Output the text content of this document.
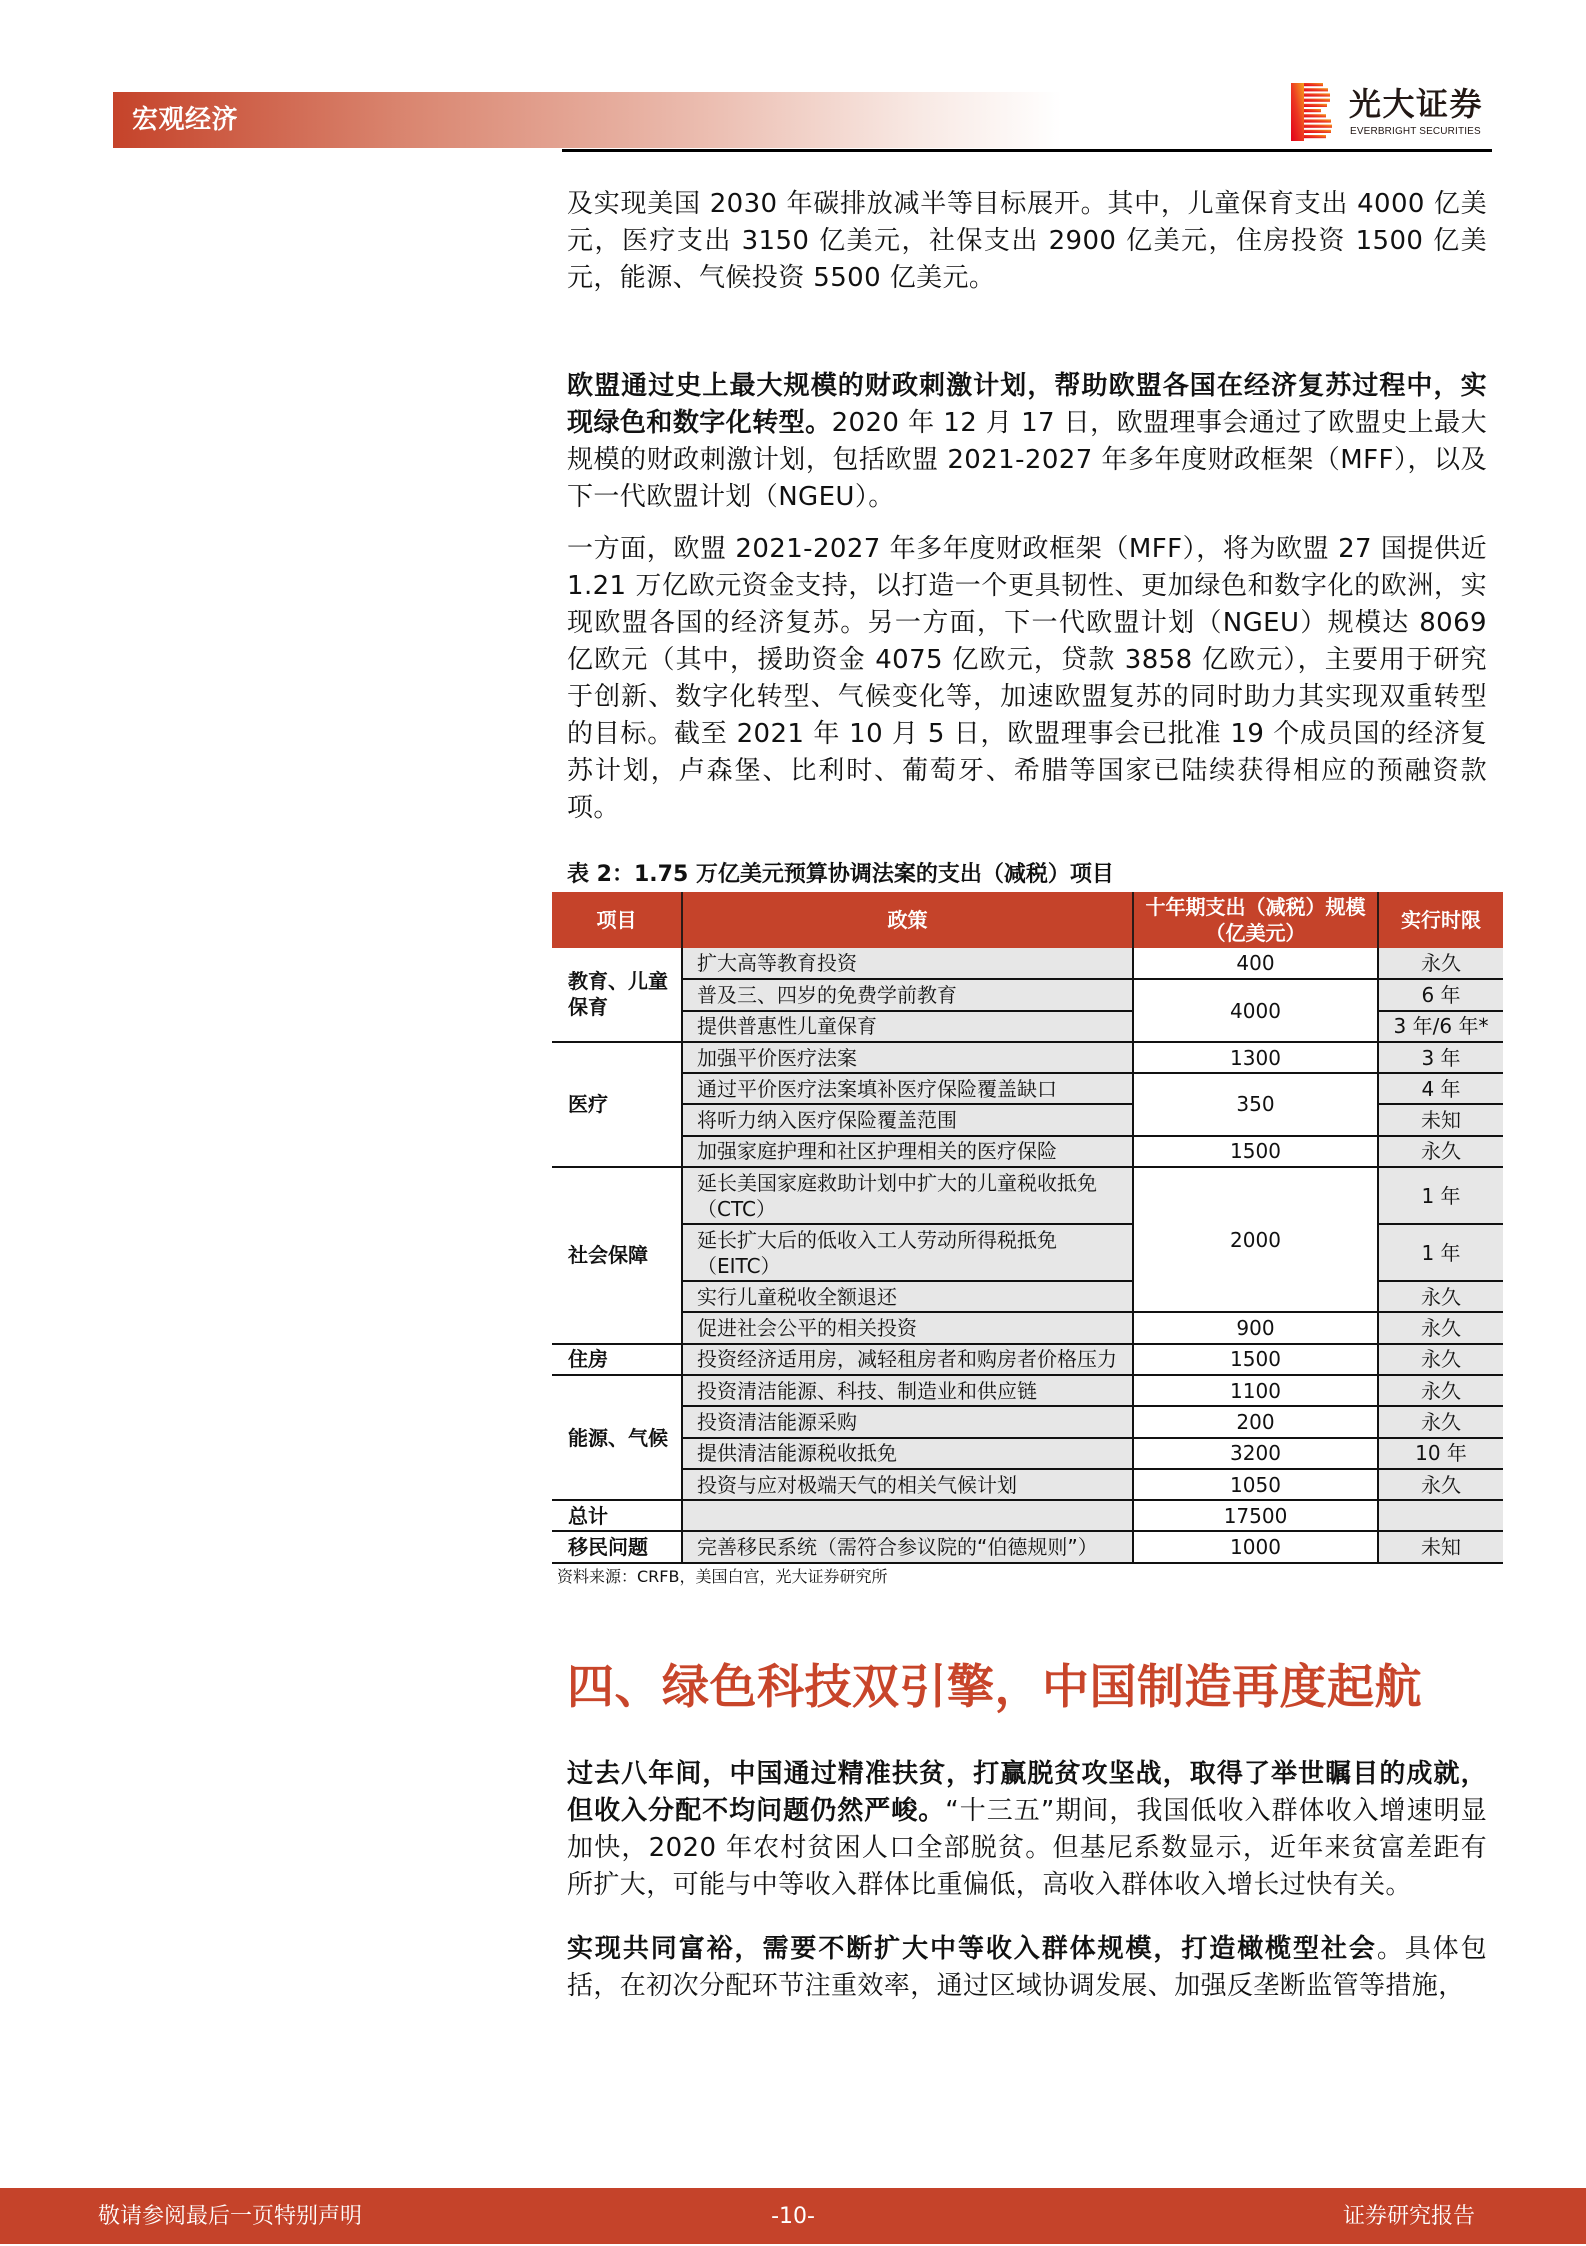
宏观经济	光大证券
EVERBRIGHT SECURITIES

及实现美国 2030 年碳排放减半等目标展开。其中，儿童保育支出 4000 亿美元，医疗支出 3150 亿美元，社保支出 2900 亿美元，住房投资 1500 亿美元，能源、气候投资 5500 亿美元。

欧盟通过史上最大规模的财政刺激计划，帮助欧盟各国在经济复苏过程中，实现绿色和数字化转型。2020 年 12 月 17 日，欧盟理事会通过了欧盟史上最大规模的财政刺激计划，包括欧盟 2021-2027 年多年度财政框架（MFF），以及下一代欧盟计划（NGEU）。

一方面，欧盟 2021-2027 年多年度财政框架（MFF），将为欧盟 27 国提供近 1.21 万亿欧元资金支持，以打造一个更具韧性、更加绿色和数字化的欧洲，实现欧盟各国的经济复苏。另一方面，下一代欧盟计划（NGEU）规模达 8069 亿欧元（其中，援助资金 4075 亿欧元，贷款 3858 亿欧元），主要用于研究于创新、数字化转型、气候变化等，加速欧盟复苏的同时助力其实现双重转型的目标。截至 2021 年 10 月 5 日，欧盟理事会已批准 19 个成员国的经济复苏计划，卢森堡、比利时、葡萄牙、希腊等国家已陆续获得相应的预融资款项。

表 2：1.75 万亿美元预算协调法案的支出（减税）项目
项目	政策	十年期支出（减税）规模（亿美元）	实行时限
教育、儿童保育	扩大高等教育投资	400	永久
	普及三、四岁的免费学前教育	4000	6 年
	提供普惠性儿童保育		3 年/6 年*
医疗	加强平价医疗法案	1300	3 年
	通过平价医疗法案填补医疗保险覆盖缺口	350	4 年
	将听力纳入医疗保险覆盖范围		未知
	加强家庭护理和社区护理相关的医疗保险	1500	永久
社会保障	延长美国家庭救助计划中扩大的儿童税收抵免（CTC）	2000	1 年
	延长扩大后的低收入工人劳动所得税抵免（EITC）		1 年
	实行儿童税收全额退还		永久
	促进社会公平的相关投资	900	永久
住房	投资经济适用房，减轻租房者和购房者价格压力	1500	永久
能源、气候	投资清洁能源、科技、制造业和供应链	1100	永久
	投资清洁能源采购	200	永久
	提供清洁能源税收抵免	3200	10 年
	投资与应对极端天气的相关气候计划	1050	永久
总计		17500	
移民问题	完善移民系统（需符合参议院的“伯德规则”）	1000	未知
资料来源：CRFB，美国白宫，光大证券研究所
四、绿色科技双引擎，中国制造再度起航

过去八年间，中国通过精准扶贫，打赢脱贫攻坚战，取得了举世瞩目的成就，但收入分配不均问题仍然严峻。“十三五”期间，我国低收入群体收入增速明显加快，2020 年农村贫困人口全部脱贫。但基尼系数显示，近年来贫富差距有所扩大，可能与中等收入群体比重偏低，高收入群体收入增长过快有关。

实现共同富裕，需要不断扩大中等收入群体规模，打造橄榄型社会。具体包括，在初次分配环节注重效率，通过区域协调发展、加强反垄断监管等措施，

敬请参阅最后一页特别声明	-10-	证券研究报告
